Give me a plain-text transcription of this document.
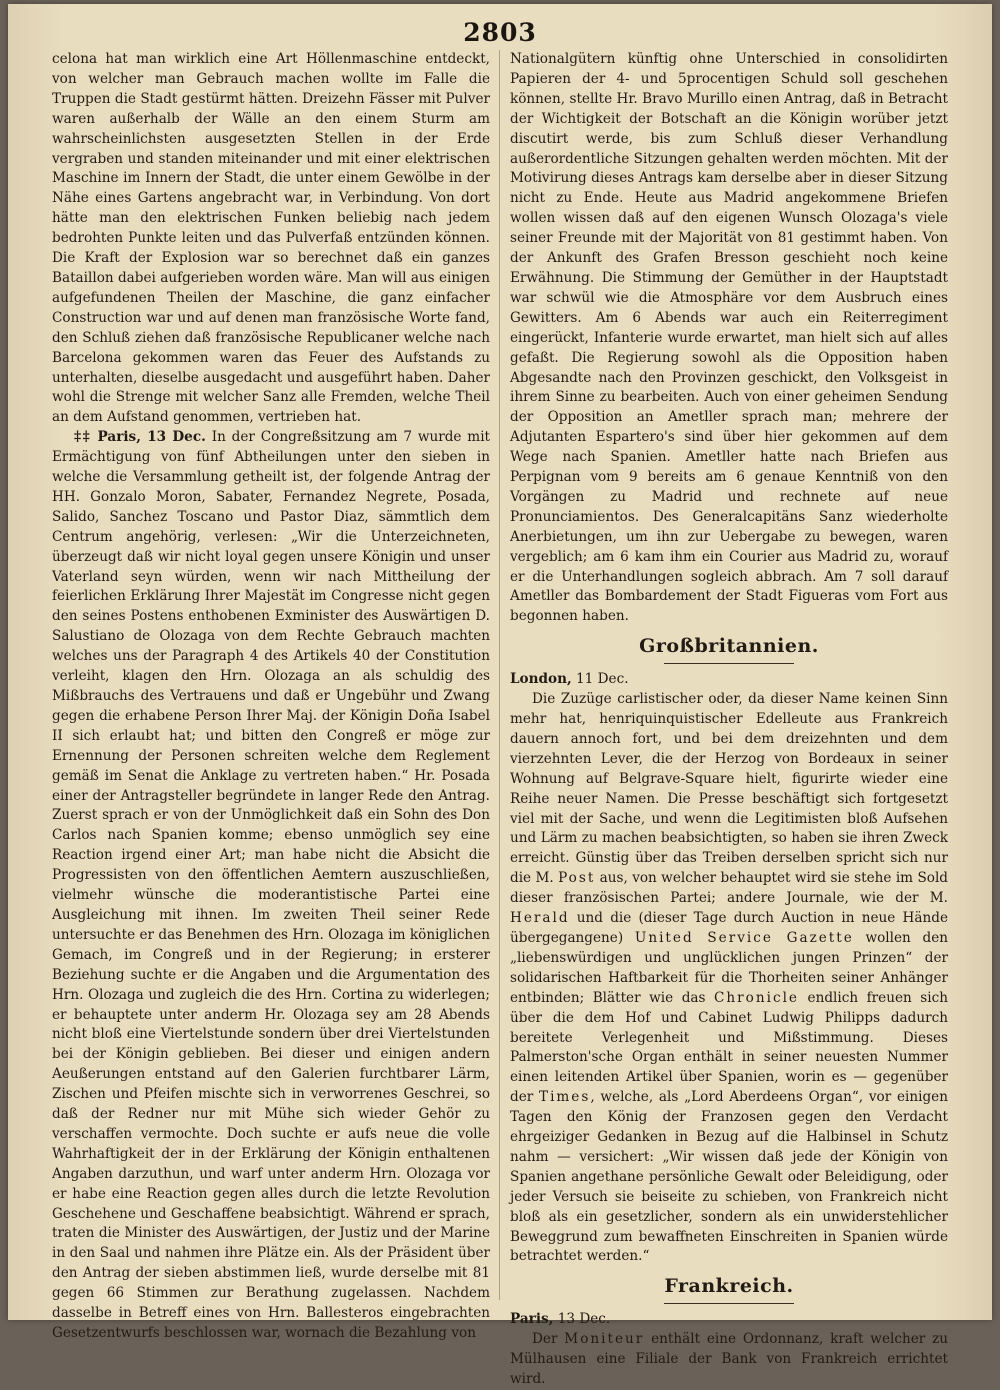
2803

celona hat man wirklich eine Art Höllenmaschine entdeckt, von welcher man Gebrauch machen wollte im Falle die Truppen die Stadt gestürmt hätten. Dreizehn Fässer mit Pulver waren außerhalb der Wälle an den einem Sturm am wahrscheinlichsten ausgesetzten Stellen in der Erde vergraben und standen miteinander und mit einer elektrischen Maschine im Innern der Stadt, die unter einem Gewölbe in der Nähe eines Gartens angebracht war, in Verbindung. Von dort hätte man den elektrischen Funken beliebig nach jedem bedrohten Punkte leiten und das Pulverfaß entzünden können. Die Kraft der Explosion war so berechnet daß ein ganzes Bataillon dabei aufgerieben worden wäre. Man will aus einigen aufgefundenen Theilen der Maschine, die ganz einfacher Construction war und auf denen man französische Worte fand, den Schluß ziehen daß französische Republicaner welche nach Barcelona gekommen waren das Feuer des Aufstands zu unterhalten, dieselbe ausgedacht und ausgeführt haben. Daher wohl die Strenge mit welcher Sanz alle Fremden, welche Theil an dem Aufstand genommen, vertrieben hat.

‡‡ Paris, 13 Dec. In der Congreßsitzung am 7 wurde mit Ermächtigung von fünf Abtheilungen unter den sieben in welche die Versammlung getheilt ist, der folgende Antrag der HH. Gonzalo Moron, Sabater, Fernandez Negrete, Posada, Salido, Sanchez Toscano und Pastor Diaz, sämmtlich dem Centrum angehörig, verlesen: „Wir die Unterzeichneten, überzeugt daß wir nicht loyal gegen unsere Königin und unser Vaterland seyn würden, wenn wir nach Mittheilung der feierlichen Erklärung Ihrer Majestät im Congresse nicht gegen den seines Postens enthobenen Exminister des Auswärtigen D. Salustiano de Olozaga von dem Rechte Gebrauch machten welches uns der Paragraph 4 des Artikels 40 der Constitution verleiht, klagen den Hrn. Olozaga an als schuldig des Mißbrauchs des Vertrauens und daß er Ungebühr und Zwang gegen die erhabene Person Ihrer Maj. der Königin Doña Isabel II sich erlaubt hat; und bitten den Congreß er möge zur Ernennung der Personen schreiten welche dem Reglement gemäß im Senat die Anklage zu vertreten haben.“ Hr. Posada einer der Antragsteller begründete in langer Rede den Antrag. Zuerst sprach er von der Unmöglichkeit daß ein Sohn des Don Carlos nach Spanien komme; ebenso unmöglich sey eine Reaction irgend einer Art; man habe nicht die Absicht die Progressisten von den öffentlichen Aemtern auszuschließen, vielmehr wünsche die moderantistische Partei eine Ausgleichung mit ihnen. Im zweiten Theil seiner Rede untersuchte er das Benehmen des Hrn. Olozaga im königlichen Gemach, im Congreß und in der Regierung; in ersterer Beziehung suchte er die Angaben und die Argumentation des Hrn. Olozaga und zugleich die des Hrn. Cortina zu widerlegen; er behauptete unter anderm Hr. Olozaga sey am 28 Abends nicht bloß eine Viertelstunde sondern über drei Viertelstunden bei der Königin geblieben. Bei dieser und einigen andern Aeußerungen entstand auf den Galerien furchtbarer Lärm, Zischen und Pfeifen mischte sich in verworrenes Geschrei, so daß der Redner nur mit Mühe sich wieder Gehör zu verschaffen vermochte. Doch suchte er aufs neue die volle Wahrhaftigkeit der in der Erklärung der Königin enthaltenen Angaben darzuthun, und warf unter anderm Hrn. Olozaga vor er habe eine Reaction gegen alles durch die letzte Revolution Geschehene und Geschaffene beabsichtigt. Während er sprach, traten die Minister des Auswärtigen, der Justiz und der Marine in den Saal und nahmen ihre Plätze ein. Als der Präsident über den Antrag der sieben abstimmen ließ, wurde derselbe mit 81 gegen 66 Stimmen zur Berathung zugelassen. Nachdem dasselbe in Betreff eines von Hrn. Ballesteros eingebrachten Gesetzentwurfs beschlossen war, wornach die Bezahlung von

Nationalgütern künftig ohne Unterschied in consolidirten Papieren der 4- und 5procentigen Schuld soll geschehen können, stellte Hr. Bravo Murillo einen Antrag, daß in Betracht der Wichtigkeit der Botschaft an die Königin worüber jetzt discutirt werde, bis zum Schluß dieser Verhandlung außerordentliche Sitzungen gehalten werden möchten. Mit der Motivirung dieses Antrags kam derselbe aber in dieser Sitzung nicht zu Ende. Heute aus Madrid angekommene Briefen wollen wissen daß auf den eigenen Wunsch Olozaga's viele seiner Freunde mit der Majorität von 81 gestimmt haben. Von der Ankunft des Grafen Bresson geschieht noch keine Erwähnung. Die Stimmung der Gemüther in der Hauptstadt war schwül wie die Atmosphäre vor dem Ausbruch eines Gewitters. Am 6 Abends war auch ein Reiterregiment eingerückt, Infanterie wurde erwartet, man hielt sich auf alles gefaßt. Die Regierung sowohl als die Opposition haben Abgesandte nach den Provinzen geschickt, den Volksgeist in ihrem Sinne zu bearbeiten. Auch von einer geheimen Sendung der Opposition an Ametller sprach man; mehrere der Adjutanten Espartero's sind über hier gekommen auf dem Wege nach Spanien. Ametller hatte nach Briefen aus Perpignan vom 9 bereits am 6 genaue Kenntniß von den Vorgängen zu Madrid und rechnete auf neue Pronunciamientos. Des Generalcapitäns Sanz wiederholte Anerbietungen, um ihn zur Uebergabe zu bewegen, waren vergeblich; am 6 kam ihm ein Courier aus Madrid zu, worauf er die Unterhandlungen sogleich abbrach. Am 7 soll darauf Ametller das Bombardement der Stadt Figueras vom Fort aus begonnen haben.

Großbritannien.

London, 11 Dec.

Die Zuzüge carlistischer oder, da dieser Name keinen Sinn mehr hat, henriquinquistischer Edelleute aus Frankreich dauern annoch fort, und bei dem dreizehnten und dem vierzehnten Lever, die der Herzog von Bordeaux in seiner Wohnung auf Belgrave-Square hielt, figurirte wieder eine Reihe neuer Namen. Die Presse beschäftigt sich fortgesetzt viel mit der Sache, und wenn die Legitimisten bloß Aufsehen und Lärm zu machen beabsichtigten, so haben sie ihren Zweck erreicht. Günstig über das Treiben derselben spricht sich nur die M. Post aus, von welcher behauptet wird sie stehe im Sold dieser französischen Partei; andere Journale, wie der M. Herald und die (dieser Tage durch Auction in neue Hände übergegangene) United Service Gazette wollen den „liebenswürdigen und unglücklichen jungen Prinzen“ der solidarischen Haftbarkeit für die Thorheiten seiner Anhänger entbinden; Blätter wie das Chronicle endlich freuen sich über die dem Hof und Cabinet Ludwig Philipps dadurch bereitete Verlegenheit und Mißstimmung. Dieses Palmerston'sche Organ enthält in seiner neuesten Nummer einen leitenden Artikel über Spanien, worin es — gegenüber der Times, welche, als „Lord Aberdeens Organ“, vor einigen Tagen den König der Franzosen gegen den Verdacht ehrgeiziger Gedanken in Bezug auf die Halbinsel in Schutz nahm — versichert: „Wir wissen daß jede der Königin von Spanien angethane persönliche Gewalt oder Beleidigung, oder jeder Versuch sie beiseite zu schieben, von Frankreich nicht bloß als ein gesetzlicher, sondern als ein unwiderstehlicher Beweggrund zum bewaffneten Einschreiten in Spanien würde betrachtet werden.“

Frankreich.

Paris, 13 Dec.

Der Moniteur enthält eine Ordonnanz, kraft welcher zu Mülhausen eine Filiale der Bank von Frankreich errichtet wird.
